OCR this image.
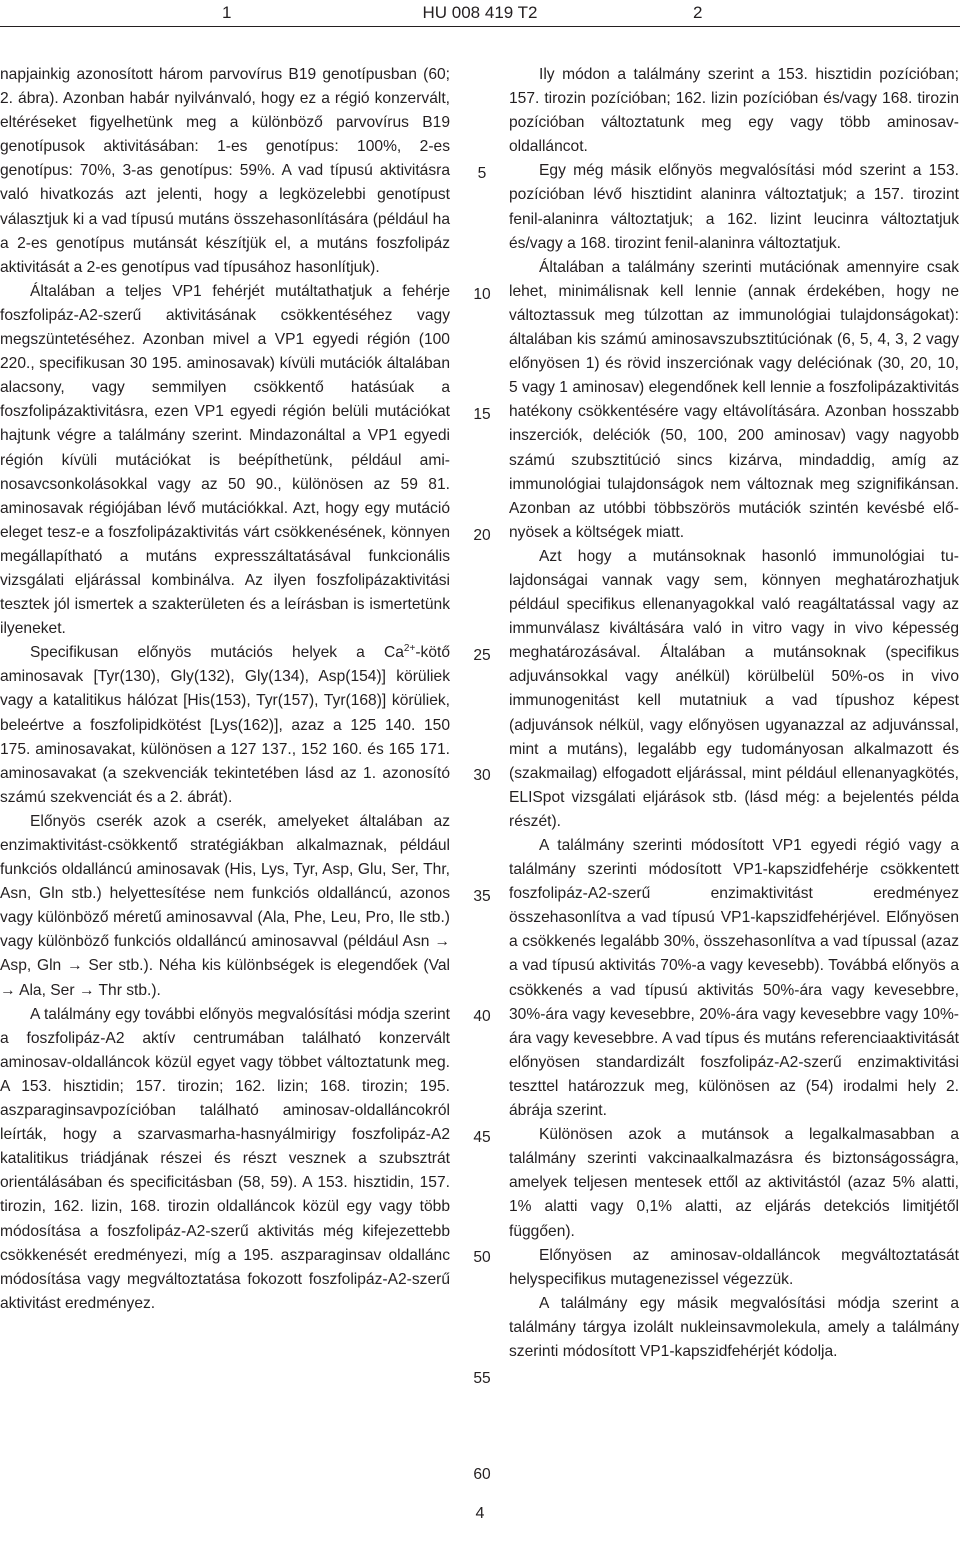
1	HU 008 419 T2	2

napjainkig azonosított három parvovírus B19 genotípusban (60; 2. ábra). Azonban habár nyilvánvaló, hogy ez a régió konzervált, eltéréseket figyelhetünk meg a különböző parvovírus B19 genotípusok aktivitásában: 1-es genotípus: 100%, 2-es genotípus: 70%, 3-as genotípus: 59%. A vad típusú aktivitásra való hivatkozás azt jelenti, hogy a legközelebbi genotípust választjuk ki a vad típusú mutáns összehasonlítására (például ha a 2-es genotípus mutánsát készítjük el, a mutáns foszfolipáz aktivitását a 2-es genotípus vad típusához hasonlítjuk).

Általában a teljes VP1 fehérjét mutáltathatjuk a fehérje foszfolipáz-A2-szerű aktivitásának csökkentéséhez vagy megszüntetéséhez. Azonban mivel a VP1 egyedi régión (100 220., specifikusan 30 195. aminosavak) kívüli mutációk általában alacsony, vagy semmilyen csökkentő hatásúak a foszfolipázaktivitásra, ezen VP1 egyedi régión belüli mutációkat hajtunk végre a találmány szerint. Mindazonáltal a VP1 egyedi régión kívüli mutációkat is beépíthetünk, például aminosavcsonkolásokkal vagy az 50 90., különösen az 59 81. aminosavak régiójában lévő mutációkkal. Azt, hogy egy mutáció eleget tesz-e a foszfolipázaktivitás várt csökkenésének, könnyen megállapítható a mutáns expresszáltatásával funkcionális vizsgálati eljárással kombinálva. Az ilyen foszfolipázaktivitási tesztek jól ismertek a szakterületen és a leírásban is ismertetünk ilyeneket.

Specifikusan előnyös mutációs helyek a $Ca^{2+}$-kötő aminosavak [Tyr(130), Gly(132), Gly(134), Asp(154)] körüliek vagy a katalitikus hálózat [His(153), Tyr(157), Tyr(168)] körüliek, beleértve a foszfolipidkötést [Lys(162)], azaz a 125 140. 150 175. aminosavakat, különösen a 127 137., 152 160. és 165 171. aminosavakat (a szekvenciák tekintetében lásd az 1. azonosító számú szekvenciát és a 2. ábrát).

Előnyös cserék azok a cserék, amelyeket általában az enzimaktivitást-csökkentő stratégiákban alkalmaznak, például funkciós oldalláncú aminosavak (His, Lys, Tyr, Asp, Glu, Ser, Thr, Asn, Gln stb.) helyettesítése nem funkciós oldalláncú, azonos vagy különböző méretű aminosavval (Ala, Phe, Leu, Pro, Ile stb.) vagy különböző funkciós oldalláncú aminosavval (például Asn → Asp, Gln → Ser stb.). Néha kis különbségek is elegendőek (Val → Ala, Ser → Thr stb.).

A találmány egy további előnyös megvalósítási módja szerint a foszfolipáz-A2 aktív centrumában található konzervált aminosav-oldalláncok közül egyet vagy többet változtatunk meg. A 153. hisztidin; 157. tirozin; 162. lizin; 168. tirozin; 195. aszparaginsavpozícióban található aminosav-oldalláncokról leírták, hogy a szarvasmarha-hasnyálmirigy foszfolipáz-A2 katalitikus triádjának részei és részt vesznek a szubsztrát orientálásában és specificitásban (58, 59). A 153. hisztidin, 157. tirozin, 162. lizin, 168. tirozin oldalláncok közül egy vagy több módosítása a foszfolipáz-A2-szerű aktivitás még kifejezettebb csökkenését eredményezi, míg a 195. aszparaginsav oldallánc módosítása vagy megváltoztatása fokozott foszfolipáz-A2-szerű aktivitást eredményez.

Ily módon a találmány szerint a 153. hisztidin pozícióban; 157. tirozin pozícióban; 162. lizin pozícióban és/vagy 168. tirozin pozícióban változtatunk meg egy vagy több aminosav-oldalláncot.

Egy még másik előnyös megvalósítási mód szerint a 153. pozícióban lévő hisztidint alaninra változtatjuk; a 157. tirozint fenil-alaninra változtatjuk; a 162. lizint leucinra változtatjuk és/vagy a 168. tirozint fenil-alaninra változtatjuk.

Általában a találmány szerinti mutációnak amennyire csak lehet, minimálisnak kell lennie (annak érdekében, hogy ne változtassuk meg túlzottan az immunológiai tulajdonságokat): általában kis számú aminosavszubsztitúciónak (6, 5, 4, 3, 2 vagy előnyösen 1) és rövid inszerciónak vagy deléciónak (30, 20, 10, 5 vagy 1 aminosav) elegendőnek kell lennie a foszfolipázaktivitás hatékony csökkentésére vagy eltávolítására. Azonban hosszabb inszerciók, deléciók (50, 100, 200 aminosav) vagy nagyobb számú szubsztitúció sincs kizárva, mindaddig, amíg az immunológiai tulajdonságok nem változnak meg szignifikánsan. Azonban az utóbbi többszörös mutációk szintén kevésbé előnyösek a költségek miatt.

Azt hogy a mutánsoknak hasonló immunológiai tulajdonságai vannak vagy sem, könnyen meghatározhatjuk például specifikus ellenanyagokkal való reagáltatással vagy az immunválasz kiváltására való in vitro vagy in vivo képesség meghatározásával. Általában a mutánsoknak (specifikus adjuvánsokkal vagy anélkül) körülbelül 50%-os in vivo immunogenitást kell mutatniuk a vad típushoz képest (adjuvánsok nélkül, vagy előnyösen ugyanazzal az adjuvánssal, mint a mutáns), legalább egy tudományosan alkalmazott és (szakmailag) elfogadott eljárással, mint például ellenanyagkötés, ELISpot vizsgálati eljárások stb. (lásd még: a bejelentés példa részét).

A találmány szerinti módosított VP1 egyedi régió vagy a találmány szerinti módosított VP1-kapszidfehérje csökkentett foszfolipáz-A2-szerű enzimaktivitást eredményez összehasonlítva a vad típusú VP1-kapszidfehérjével. Előnyösen a csökkenés legalább 30%, összehasonlítva a vad típussal (azaz a vad típusú aktivitás 70%-a vagy kevesebb). Továbbá előnyös a csökkenés a vad típusú aktivitás 50%-ára vagy kevesebbre, 30%-ára vagy kevesebbre, 20%-ára vagy kevesebbre vagy 10%-ára vagy kevesebbre. A vad típus és mutáns referenciaaktivitását előnyösen standardizált foszfolipáz-A2-szerű enzimaktivitási teszttel határozzuk meg, különösen az (54) irodalmi hely 2. ábrája szerint.

Különösen azok a mutánsok a legalkalmasabban a találmány szerinti vakcinaalkalmazásra és biztonságosságra, amelyek teljesen mentesek ettől az aktivitástól (azaz 5% alatti, 1% alatti vagy 0,1% alatti, az eljárás detekciós limitjétől függően).

Előnyösen az aminosav-oldalláncok megváltoztatását helyspecifikus mutagenezissel végezzük.

A találmány egy másik megvalósítási módja szerint a találmány tárgya izolált nukleinsavmolekula, amely a találmány szerinti módosított VP1-kapszidfehérjét kódolja.

5
10
15
20
25
30
35
40
45
50
55
60
4
